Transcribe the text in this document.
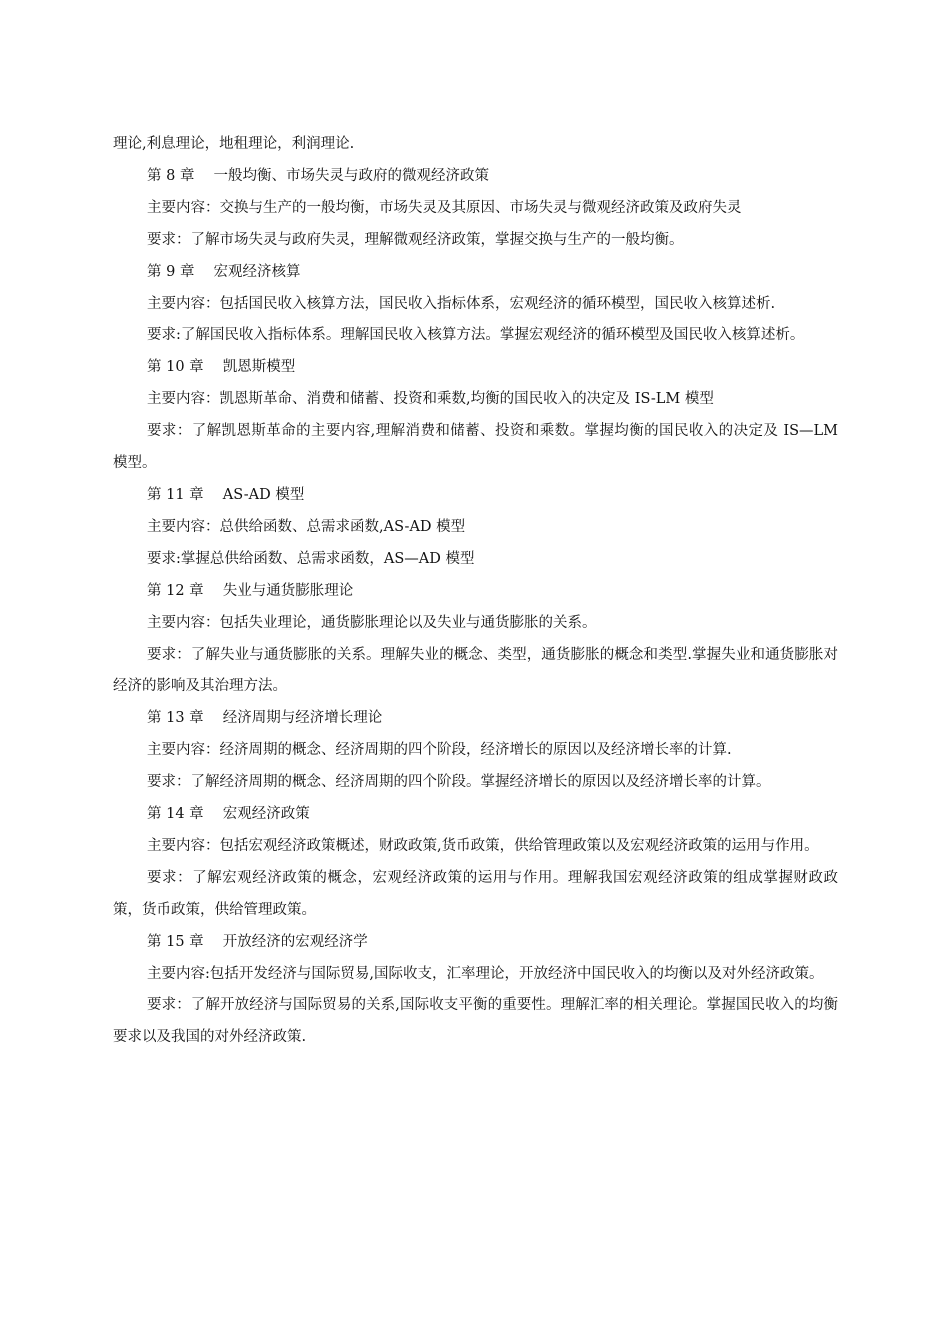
理论,利息理论，地租理论，利润理论.

第 8 章　 一般均衡、市场失灵与政府的微观经济政策

主要内容：交换与生产的一般均衡，市场失灵及其原因、市场失灵与微观经济政策及政府失灵

要求：了解市场失灵与政府失灵，理解微观经济政策，掌握交换与生产的一般均衡。

第 9 章　 宏观经济核算

主要内容：包括国民收入核算方法，国民收入指标体系，宏观经济的循环模型，国民收入核算述析.

要求:了解国民收入指标体系。理解国民收入核算方法。掌握宏观经济的循环模型及国民收入核算述析。

第 10 章　 凯恩斯模型

主要内容：凯恩斯革命、消费和储蓄、投资和乘数,均衡的国民收入的决定及 IS-LM 模型

要求：了解凯恩斯革命的主要内容,理解消费和储蓄、投资和乘数。掌握均衡的国民收入的决定及 IS—LM 模型。

第 11 章　 AS-AD 模型

主要内容：总供给函数、总需求函数,AS-AD 模型

要求:掌握总供给函数、总需求函数，AS—AD 模型

第 12 章　 失业与通货膨胀理论

主要内容：包括失业理论，通货膨胀理论以及失业与通货膨胀的关系。

要求：了解失业与通货膨胀的关系。理解失业的概念、类型，通货膨胀的概念和类型.掌握失业和通货膨胀对经济的影响及其治理方法。

第 13 章　 经济周期与经济增长理论

主要内容：经济周期的概念、经济周期的四个阶段，经济增长的原因以及经济增长率的计算.

要求：了解经济周期的概念、经济周期的四个阶段。掌握经济增长的原因以及经济增长率的计算。

第 14 章　 宏观经济政策

主要内容：包括宏观经济政策概述，财政政策,货币政策，供给管理政策以及宏观经济政策的运用与作用。

要求：了解宏观经济政策的概念，宏观经济政策的运用与作用。理解我国宏观经济政策的组成掌握财政政策，货币政策，供给管理政策。

第 15 章　 开放经济的宏观经济学

主要内容:包括开发经济与国际贸易,国际收支，汇率理论，开放经济中国民收入的均衡以及对外经济政策。

要求：了解开放经济与国际贸易的关系,国际收支平衡的重要性。理解汇率的相关理论。掌握国民收入的均衡要求以及我国的对外经济政策.
